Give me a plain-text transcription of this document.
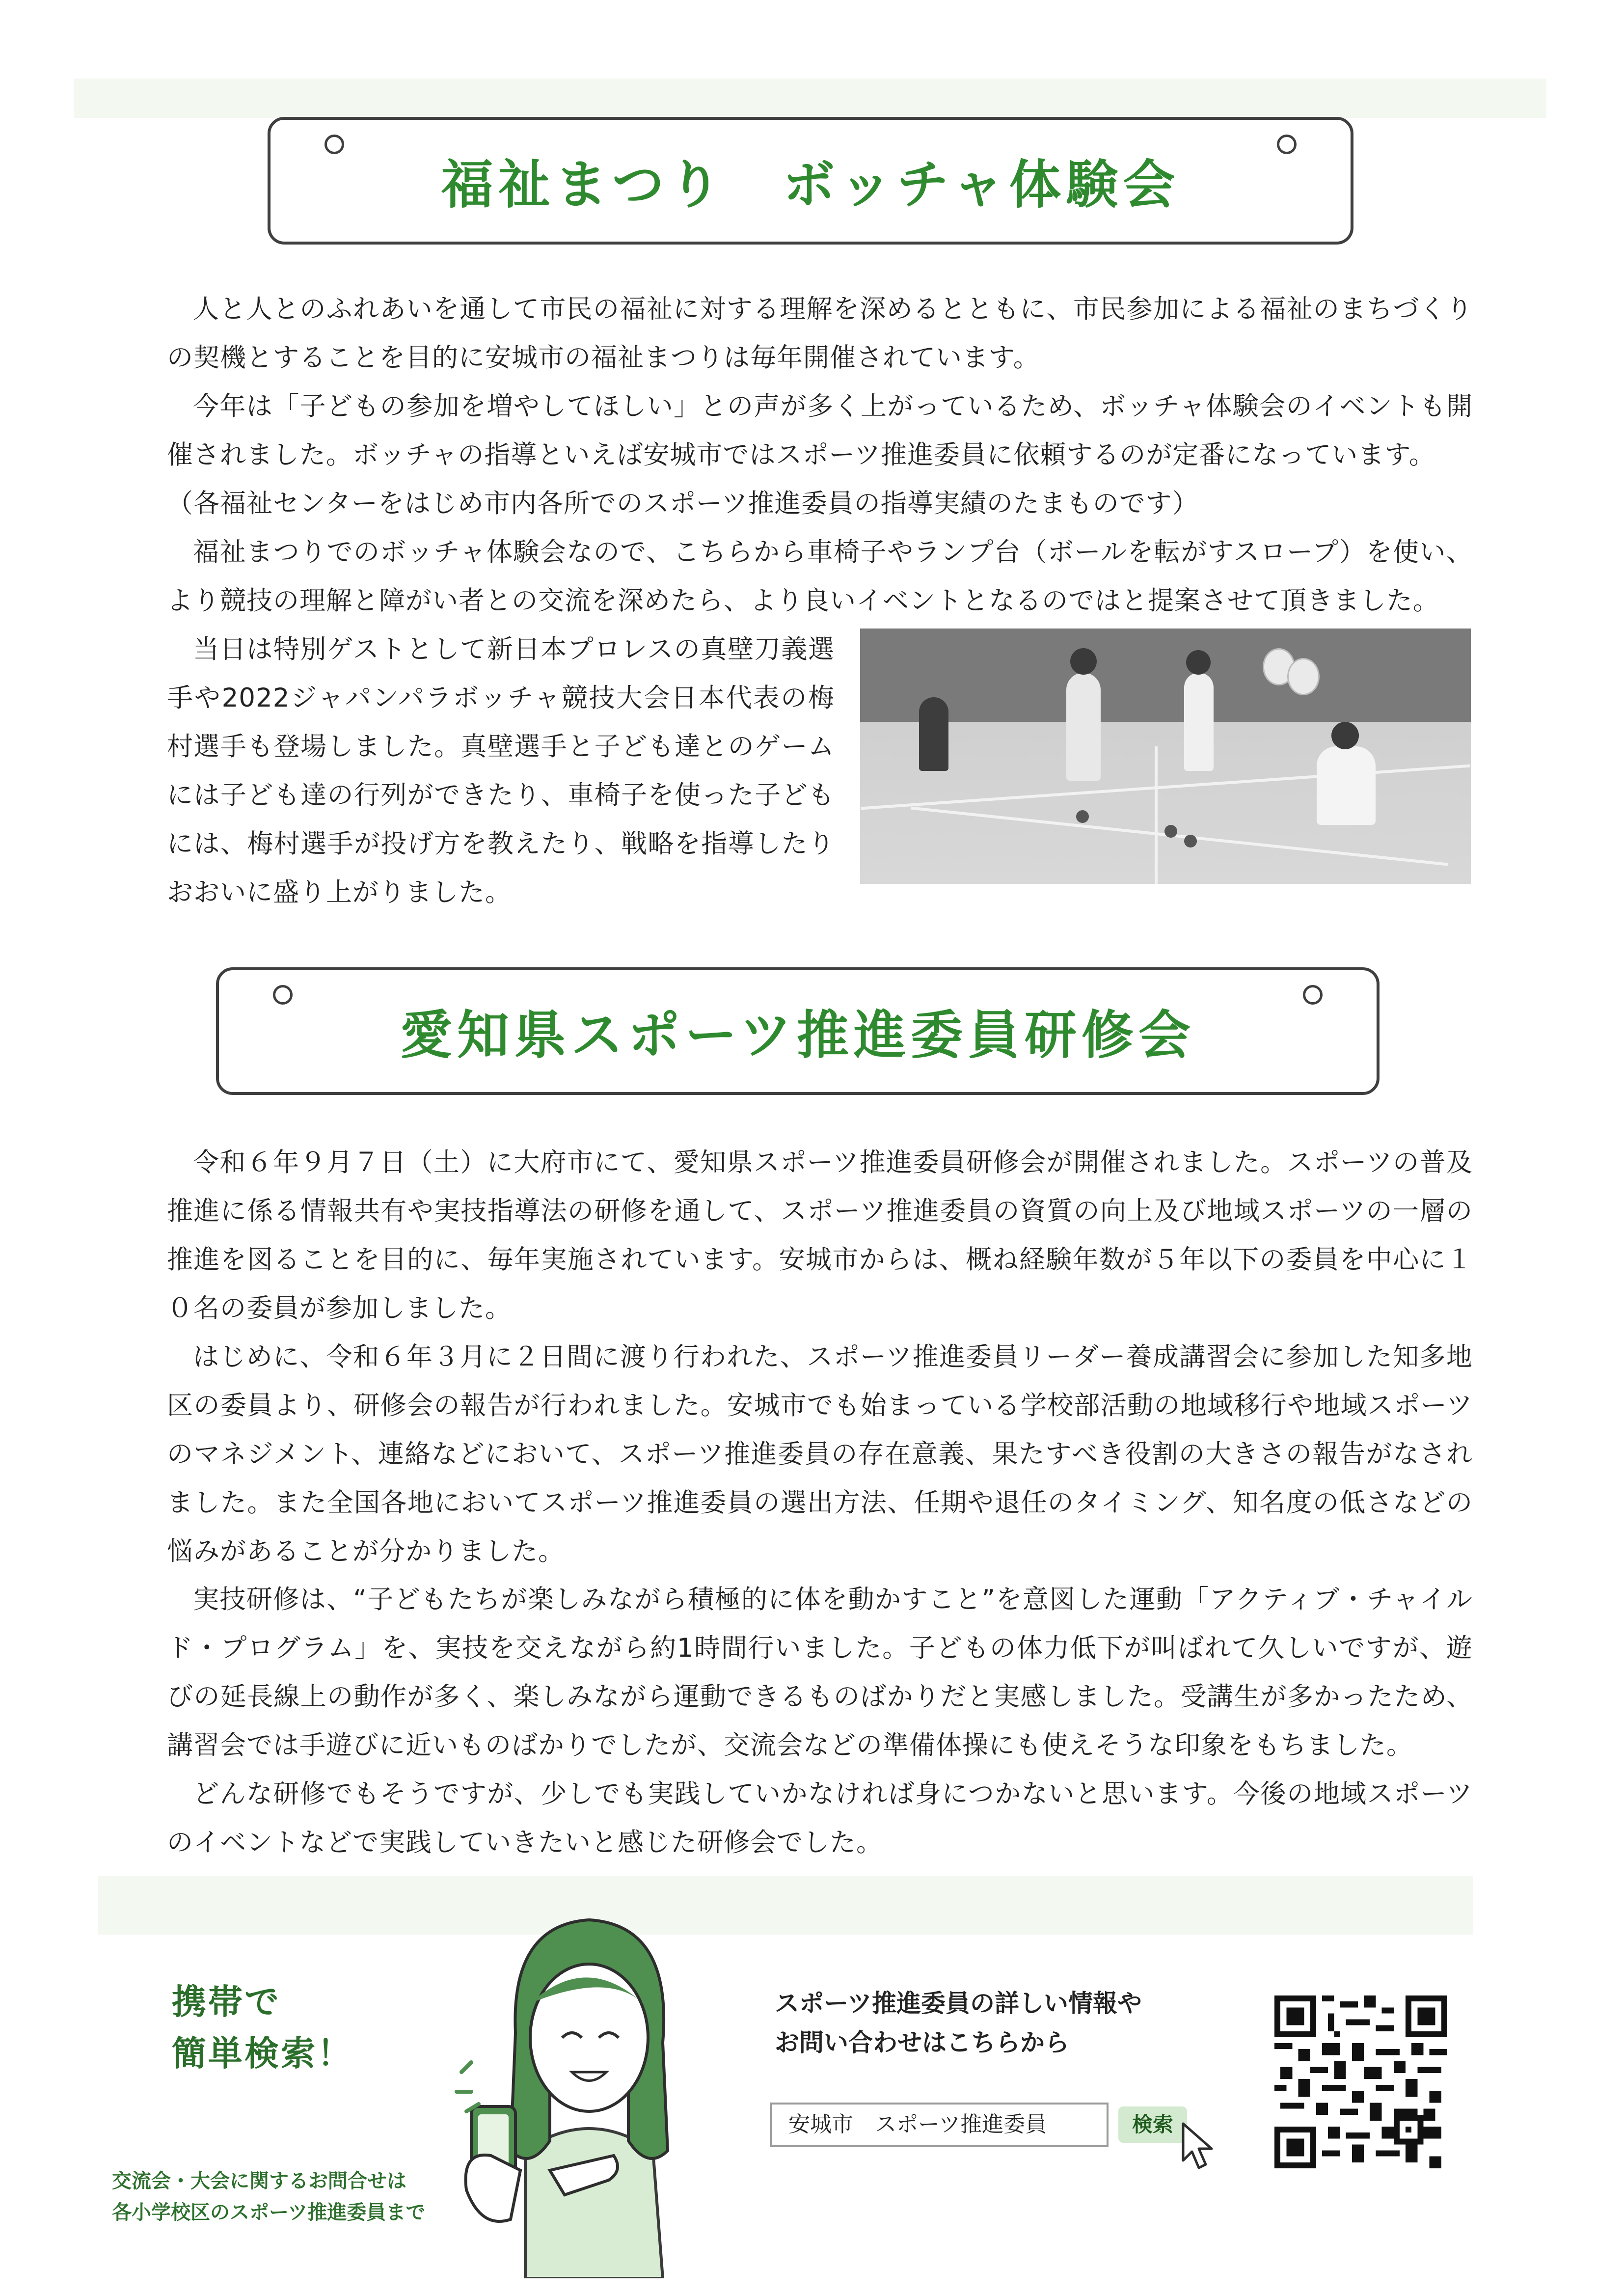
福祉まつり　ボッチャ体験会

人と人とのふれあいを通して市民の福祉に対する理解を深めるとともに、市民参加による福祉のまちづくりの契機とすることを目的に安城市の福祉まつりは毎年開催されています。

今年は「子どもの参加を増やしてほしい」との声が多く上がっているため、ボッチャ体験会のイベントも開催されました。ボッチャの指導といえば安城市ではスポーツ推進委員に依頼するのが定番になっています。

（各福祉センターをはじめ市内各所でのスポーツ推進委員の指導実績のたまものです）

福祉まつりでのボッチャ体験会なので、こちらから車椅子やランプ台（ボールを転がすスロープ）を使い、より競技の理解と障がい者との交流を深めたら、より良いイベントとなるのではと提案させて頂きました。

当日は特別ゲストとして新日本プロレスの真壁刀義選手や2022ジャパンパラボッチャ競技大会日本代表の梅村選手も登場しました。真壁選手と子ども達とのゲームには子ども達の行列ができたり、車椅子を使った子どもには、梅村選手が投げ方を教えたり、戦略を指導したりおおいに盛り上がりました。

愛知県スポーツ推進委員研修会

令和６年９月７日（土）に大府市にて、愛知県スポーツ推進委員研修会が開催されました。スポーツの普及推進に係る情報共有や実技指導法の研修を通して、スポーツ推進委員の資質の向上及び地域スポーツの一層の推進を図ることを目的に、毎年実施されています。安城市からは、概ね経験年数が５年以下の委員を中心に１０名の委員が参加しました。

はじめに、令和６年３月に２日間に渡り行われた、スポーツ推進委員リーダー養成講習会に参加した知多地区の委員より、研修会の報告が行われました。安城市でも始まっている学校部活動の地域移行や地域スポーツのマネジメント、連絡などにおいて、スポーツ推進委員の存在意義、果たすべき役割の大きさの報告がなされました。また全国各地においてスポーツ推進委員の選出方法、任期や退任のタイミング、知名度の低さなどの悩みがあることが分かりました。

実技研修は、“子どもたちが楽しみながら積極的に体を動かすこと”を意図した運動「アクティブ・チャイルド・プログラム」を、実技を交えながら約1時間行いました。子どもの体力低下が叫ばれて久しいですが、遊びの延長線上の動作が多く、楽しみながら運動できるものばかりだと実感しました。受講生が多かったため、講習会では手遊びに近いものばかりでしたが、交流会などの準備体操にも使えそうな印象をもちました。

どんな研修でもそうですが、少しでも実践していかなければ身につかないと思います。今後の地域スポーツのイベントなどで実践していきたいと感じた研修会でした。

携帯で
簡単検索！
交流会・大会に関するお問合せは
各小学校区のスポーツ推進委員まで
スポーツ推進委員の詳しい情報や
お問い合わせはこちらから
安城市　スポーツ推進委員	検索
